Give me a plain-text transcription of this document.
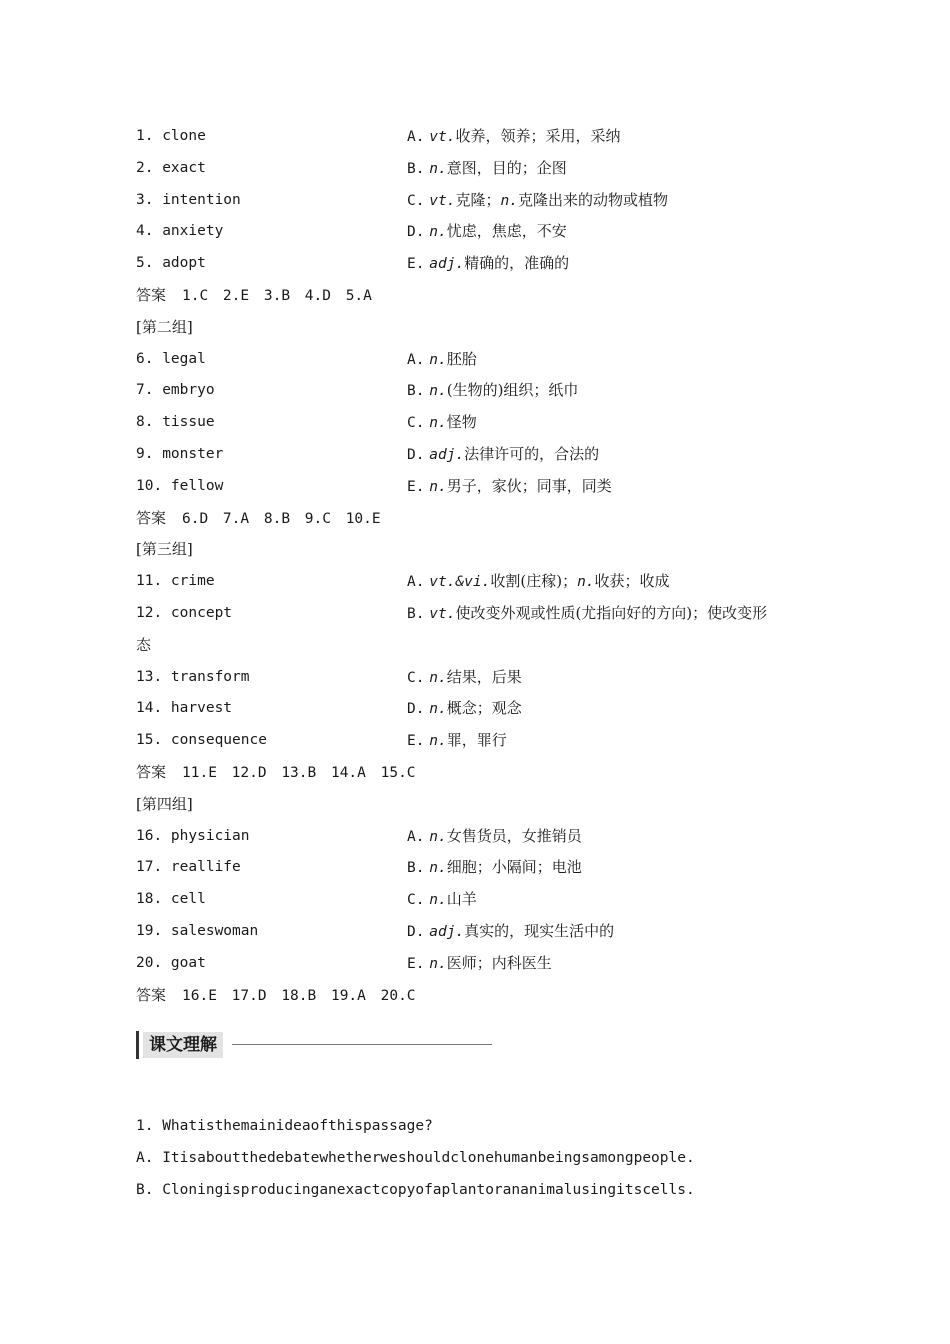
1. clone	A. vt.收养，领养；采用，采纳
2. exact	B. n.意图，目的；企图
3. intention	C. vt.克隆；n.克隆出来的动物或植物
4. anxiety	D. n.忧虑，焦虑，不安
5. adopt	E. adj.精确的，准确的
答案 1.C 2.E 3.B 4.D 5.A
[第二组]
6. legal	A. n.胚胎
7. embryo	B. n.(生物的)组织；纸巾
8. tissue	C. n.怪物
9. monster	D. adj.法律许可的，合法的
10. fellow	E. n.男子，家伙；同事，同类
答案 6.D 7.A 8.B 9.C 10.E
[第三组]
11. crime	A. vt.&vi.收割(庄稼)；n.收获；收成
12. concept	B. vt.使改变外观或性质(尤指向好的方向)；使改变形
态
13. transform	C. n.结果，后果
14. harvest	D. n.概念；观念
15. consequence	E. n.罪，罪行
答案 11.E 12.D 13.B 14.A 15.C
[第四组]
16. physician	A. n.女售货员，女推销员
17. reallife	B. n.细胞；小隔间；电池
18. cell	C. n.山羊
19. saleswoman	D. adj.真实的，现实生活中的
20. goat	E. n.医师；内科医生
答案 16.E 17.D 18.B 19.A 20.C
课文理解
1. Whatisthemainideaofthispassage?
A. Itisaboutthedebatewhetherweshouldclonehumanbeingsamongpeople.
B. Cloningisproducinganexactcopyofaplantorananimalusingitscells.
